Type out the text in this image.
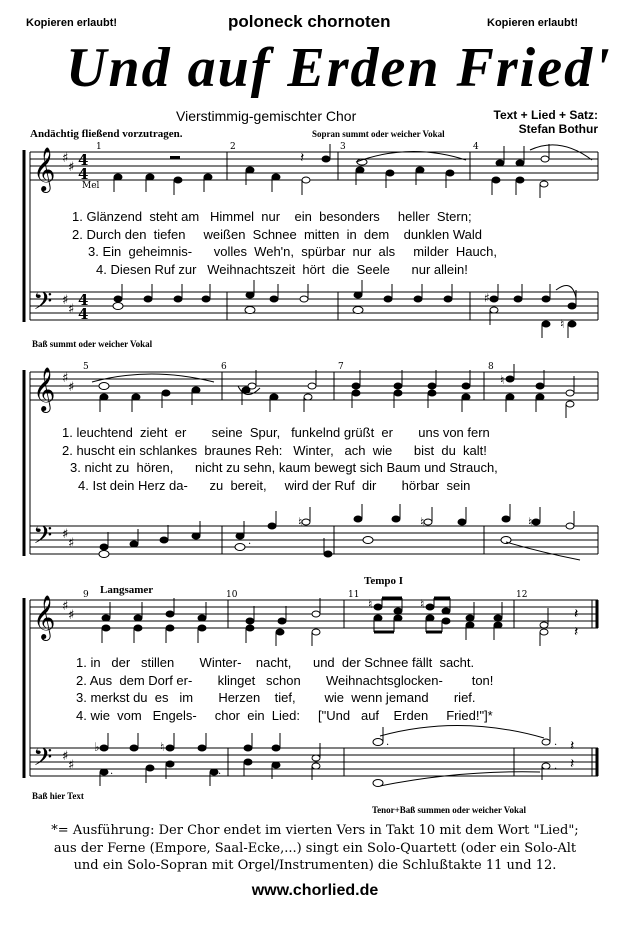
Kopieren erlaubt!	poloneck chornoten	Kopieren erlaubt!
Und auf Erden Fried'
Vierstimmig-gemischter Chor	Text + Lied + Satz:
Stefan Bothur
Andächtig fließend vorzutragen.	Sopran summt oder weicher Vokal
𝄞
𝄢
♯
♯
♯
♯
4
4
4
4
Mel
1	2	3	4
𝄽
♯
♮
1. Glänzend  steht am   Himmel  nur    ein  besonders     heller  Stern;
2. Durch den  tiefen     weißen  Schnee  mitten  in  dem    dunklen Wald
3. Ein  geheimnis-      volles  Weh'n,  spürbar  nur  als     milder  Hauch,
4. Diesen Ruf zur   Weihnachtszeit  hört  die  Seele      nur allein!
Baß summt oder weicher Vokal
𝄞
𝄢
♯
♯
♯
♯
5	6	7	8
♮
.
♮	♮	♮
1. leuchtend  zieht  er       seine  Spur,   funkelnd grüßt  er       uns von fern
2. huscht ein schlankes  braunes Reh:   Winter,   ach  wie      bist  du  kalt!
3. nicht zu  hören,      nicht zu sehn, kaum bewegt sich Baum und Strauch,
4. Ist dein Herz da-      zu  bereit,     wird der Ruf  dir       hörbar  sein
Langsamer
Tempo I
𝄞
𝄢
♯
♯
♯
♯
9	10	11	12
♮	♮
𝄽
𝄽
♭	♮
.	.
.	.
.
𝄽
𝄽
1. in   der   stillen       Winter-    nacht,      und  der Schnee fällt  sacht.
2. Aus  dem Dorf er-       klinget   schon       Weihnachtsglocken-        ton!
3. merkst du  es   im       Herzen    tief,        wie  wenn jemand       rief.
4. wie  vom   Engels-     chor  ein  Lied:     ["Und   auf    Erden     Fried!"]*
Baß hier Text
Tenor+Baß summen oder weicher Vokal
*= Ausführung: Der Chor endet im vierten Vers in Takt 10 mit dem Wort "Lied";
aus der Ferne (Empore, Saal-Ecke,...) singt ein Solo-Quartett (oder ein Solo-Alt
und ein Solo-Sopran mit Orgel/Instrumenten) die Schlußtakte 11 und 12.
www.chorlied.de
